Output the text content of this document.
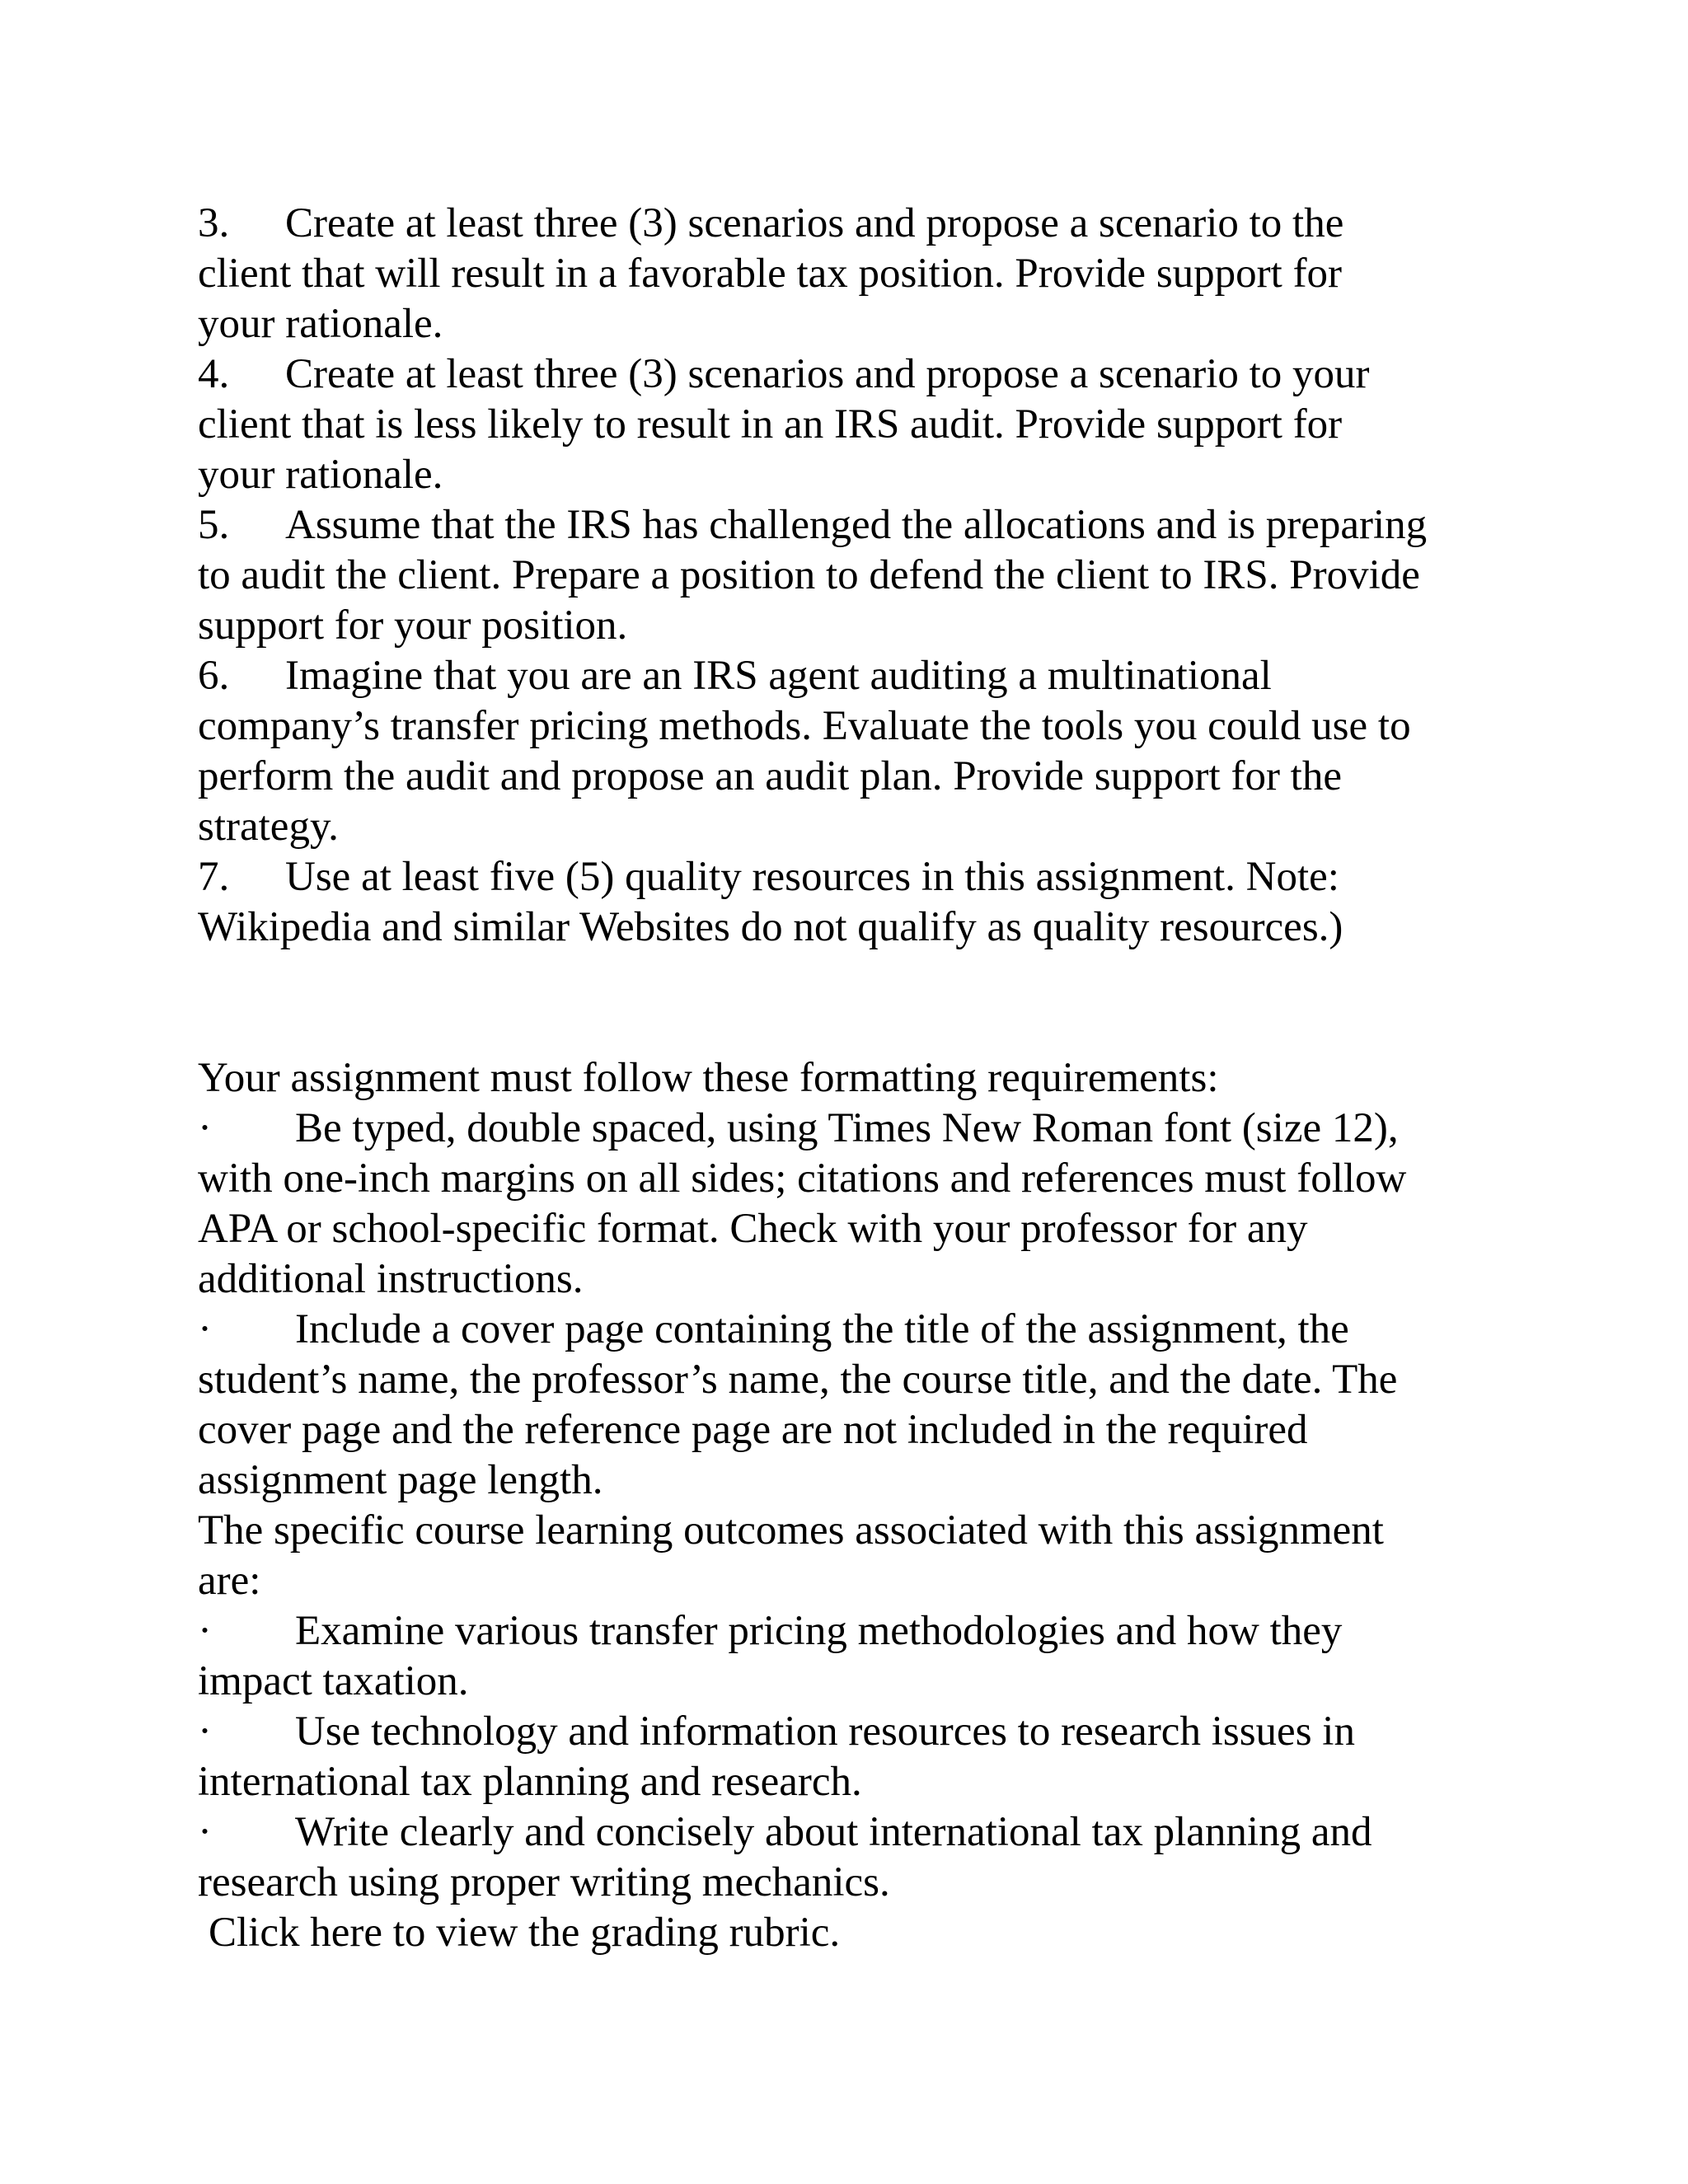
3. Create at least three (3) scenarios and propose a scenario to the
client that will result in a favorable tax position. Provide support for
your rationale.
4. Create at least three (3) scenarios and propose a scenario to your
client that is less likely to result in an IRS audit. Provide support for
your rationale.
5. Assume that the IRS has challenged the allocations and is preparing
to audit the client. Prepare a position to defend the client to IRS. Provide
support for your position.
6. Imagine that you are an IRS agent auditing a multinational
company’s transfer pricing methods. Evaluate the tools you could use to
perform the audit and propose an audit plan. Provide support for the
strategy.
7. Use at least five (5) quality resources in this assignment. Note:
Wikipedia and similar Websites do not qualify as quality resources.)
Your assignment must follow these formatting requirements:
· Be typed, double spaced, using Times New Roman font (size 12),
with one-inch margins on all sides; citations and references must follow
APA or school-specific format. Check with your professor for any
additional instructions.
· Include a cover page containing the title of the assignment, the
student’s name, the professor’s name, the course title, and the date. The
cover page and the reference page are not included in the required
assignment page length.
The specific course learning outcomes associated with this assignment
are:
· Examine various transfer pricing methodologies and how they
impact taxation.
· Use technology and information resources to research issues in
international tax planning and research.
· Write clearly and concisely about international tax planning and
research using proper writing mechanics.
Click here to view the grading rubric.
